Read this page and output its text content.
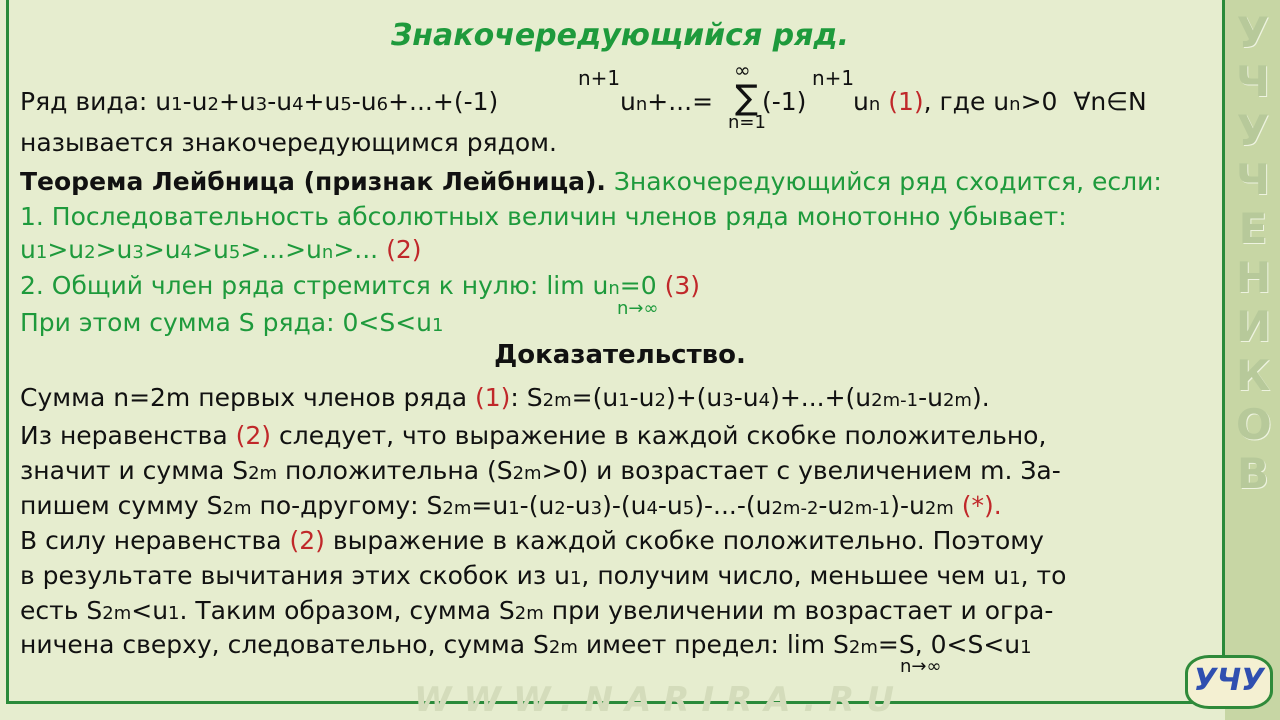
У
Ч
У
Ч
Е
Н
И
К
О
В
WWW.NARIRA.RU	УЧУ
Знакочередующийся ряд.
Ряд вида: u1-u2+u3-u4+u5-u6+...+(-1)
n+1
un+...=
∞
∑
n=1
(-1)
n+1
un (1), где un>0  ∀n∈N
называется знакочередующимся рядом.
Теорема Лейбница (признак Лейбница). Знакочередующийся ряд сходится, если:
1. Последовательность абсолютных величин членов ряда монотонно убывает:
u1>u2>u3>u4>u5>...>un>... (2)
2. Общий член ряда стремится к нулю: lim un=0 (3)
n→∞
При этом сумма S ряда: 0<S<u1
Доказательство.
Сумма n=2m первых членов ряда (1): S2m=(u1-u2)+(u3-u4)+...+(u2m-1-u2m).
Из неравенства (2) следует, что выражение в каждой скобке положительно,
значит и сумма S2m положительна (S2m>0) и возрастает с увеличением m. За-
пишем сумму S2m по-другому: S2m=u1-(u2-u3)-(u4-u5)-...-(u2m-2-u2m-1)-u2m (*).
В силу неравенства (2) выражение в каждой скобке положительно. Поэтому
в результате вычитания этих скобок из u1, получим число, меньшее чем u1, то
есть S2m<u1. Таким образом, сумма S2m при увеличении m возрастает и огра-
ничена сверху, следовательно, сумма S2m имеет предел: lim S2m=S, 0<S<u1
n→∞
